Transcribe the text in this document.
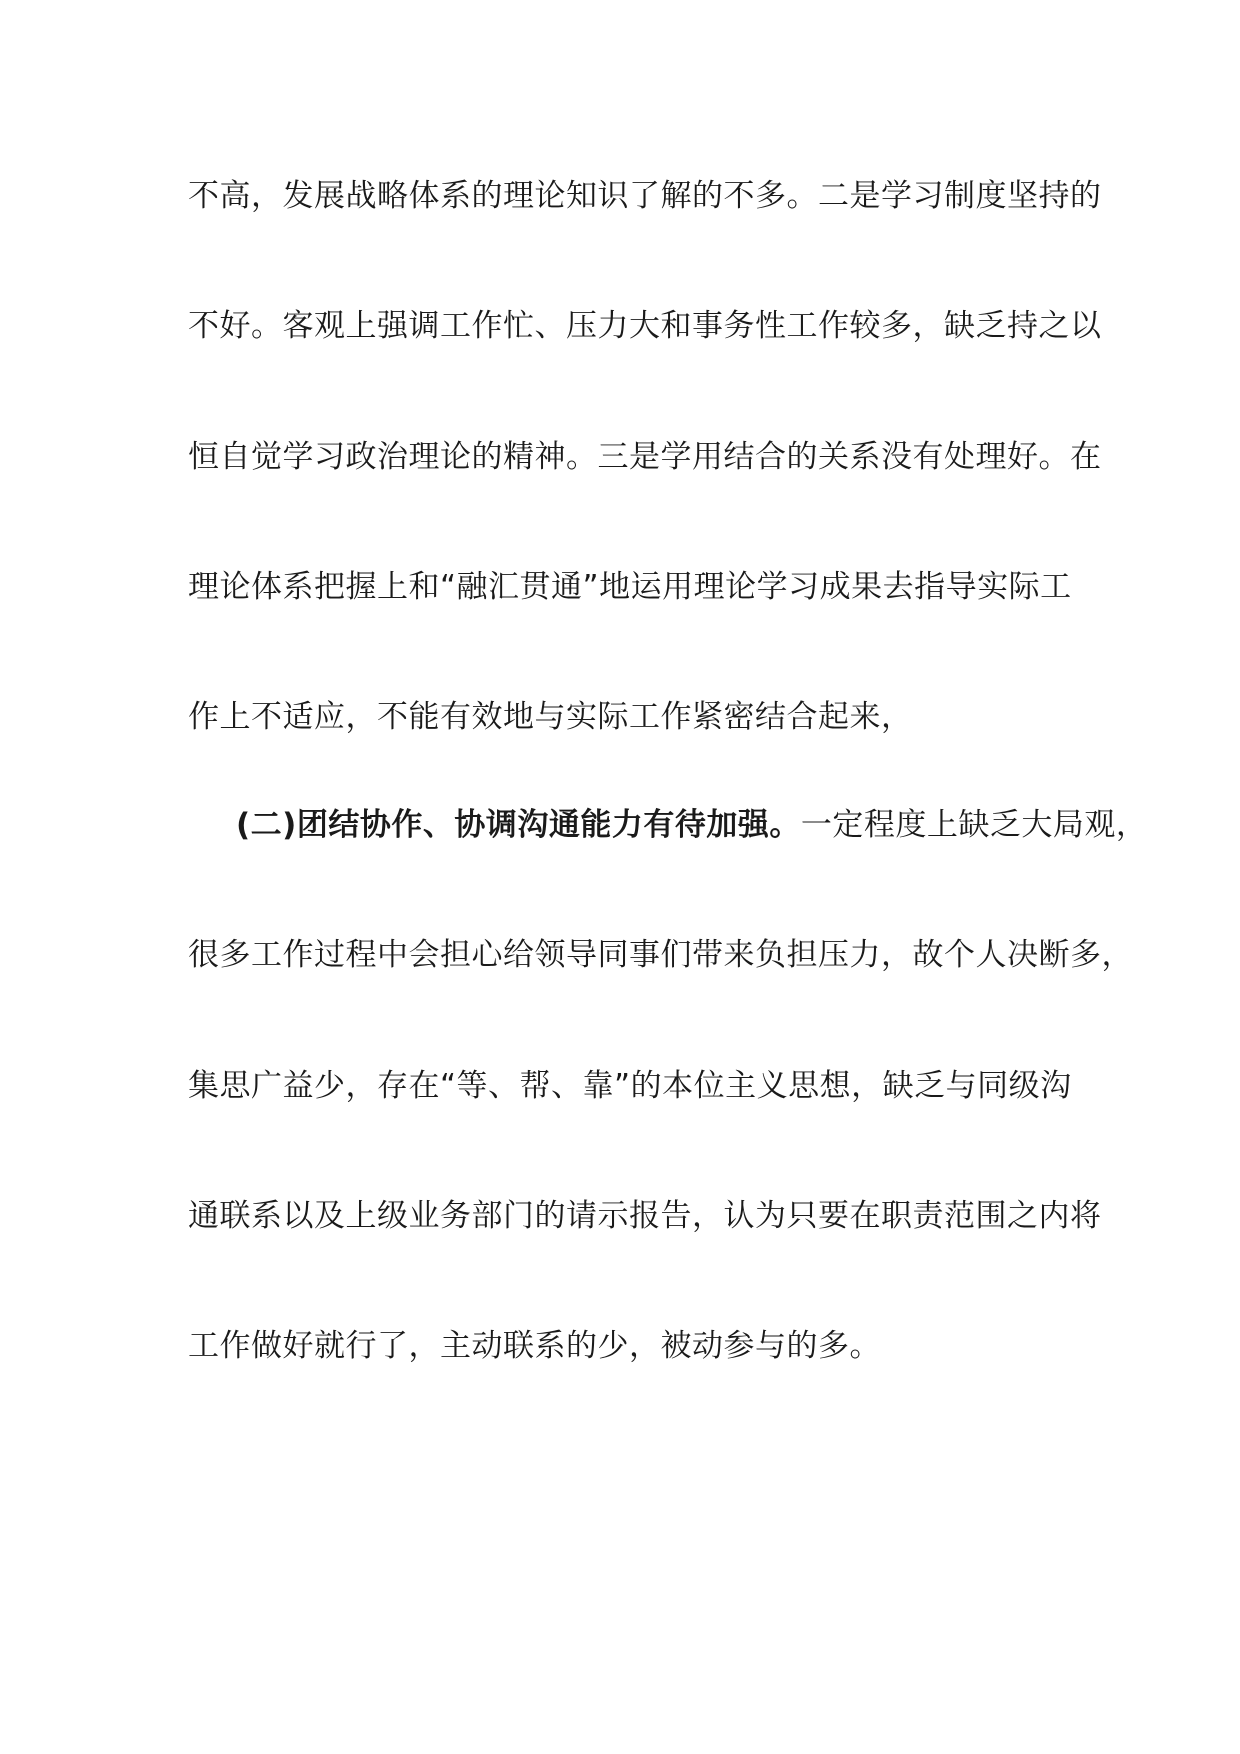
不高，发展战略体系的理论知识了解的不多。二是学习制度坚持的
不好。客观上强调工作忙、压力大和事务性工作较多，缺乏持之以
恒自觉学习政治理论的精神。三是学用结合的关系没有处理好。在
理论体系把握上和“融汇贯通”地运用理论学习成果去指导实际工
作上不适应，不能有效地与实际工作紧密结合起来，
(二)团结协作、协调沟通能力有待加强。一定程度上缺乏大局观，
很多工作过程中会担心给领导同事们带来负担压力，故个人决断多，
集思广益少，存在“等、帮、靠”的本位主义思想，缺乏与同级沟
通联系以及上级业务部门的请示报告，认为只要在职责范围之内将
工作做好就行了，主动联系的少，被动参与的多。
